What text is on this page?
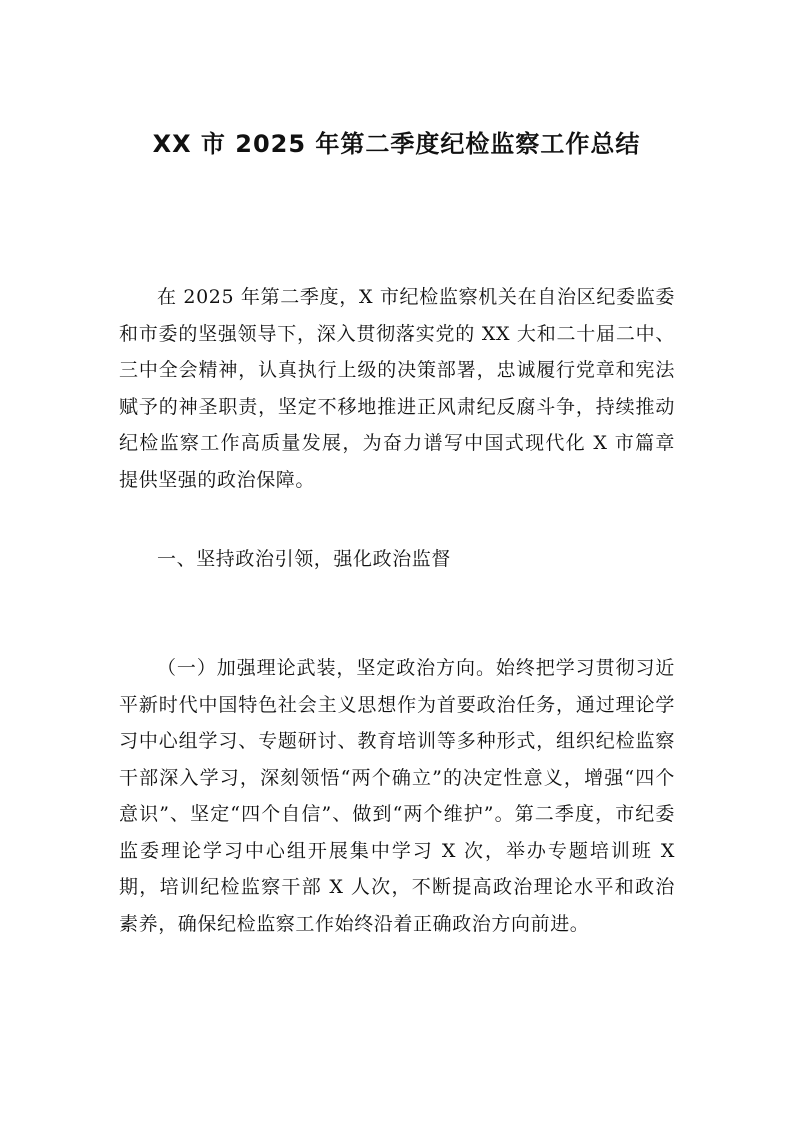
XX 市 2025 年第二季度纪检监察工作总结

在 2025 年第二季度，X 市纪检监察机关在自治区纪委监委和市委的坚强领导下，深入贯彻落实党的 XX 大和二十届二中、三中全会精神，认真执行上级的决策部署，忠诚履行党章和宪法赋予的神圣职责，坚定不移地推进正风肃纪反腐斗争，持续推动纪检监察工作高质量发展，为奋力谱写中国式现代化 X 市篇章提供坚强的政治保障。

一、坚持政治引领，强化政治监督

（一）加强理论武装，坚定政治方向。始终把学习贯彻习近平新时代中国特色社会主义思想作为首要政治任务，通过理论学习中心组学习、专题研讨、教育培训等多种形式，组织纪检监察干部深入学习，深刻领悟“两个确立”的决定性意义，增强“四个意识”、坚定“四个自信”、做到“两个维护”。第二季度，市纪委监委理论学习中心组开展集中学习 X 次，举办专题培训班 X 期，培训纪检监察干部 X 人次，不断提高政治理论水平和政治素养，确保纪检监察工作始终沿着正确政治方向前进。
